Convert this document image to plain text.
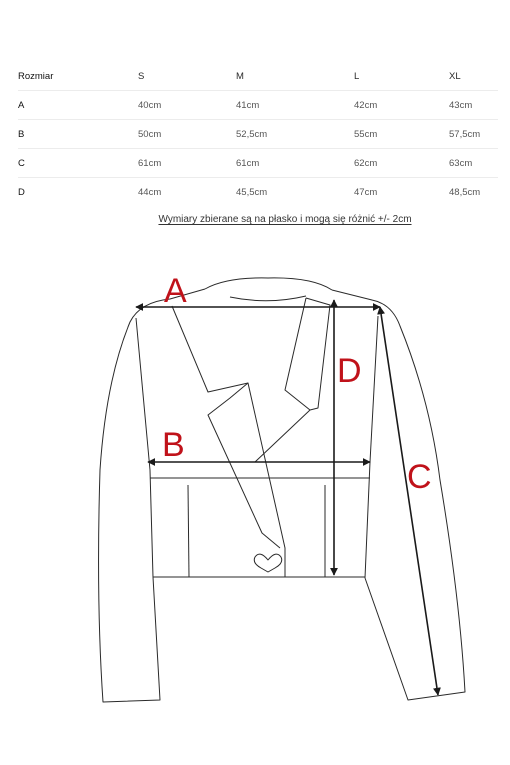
Rozmiar	S	M	L	XL
A	40cm	41cm	42cm	43cm
B	50cm	52,5cm	55cm	57,5cm
C	61cm	61cm	62cm	63cm
D	44cm	45,5cm	47cm	48,5cm
Wymiary zbierane są na płasko i mogą się różnić +/- 2cm
A
B
C
D
